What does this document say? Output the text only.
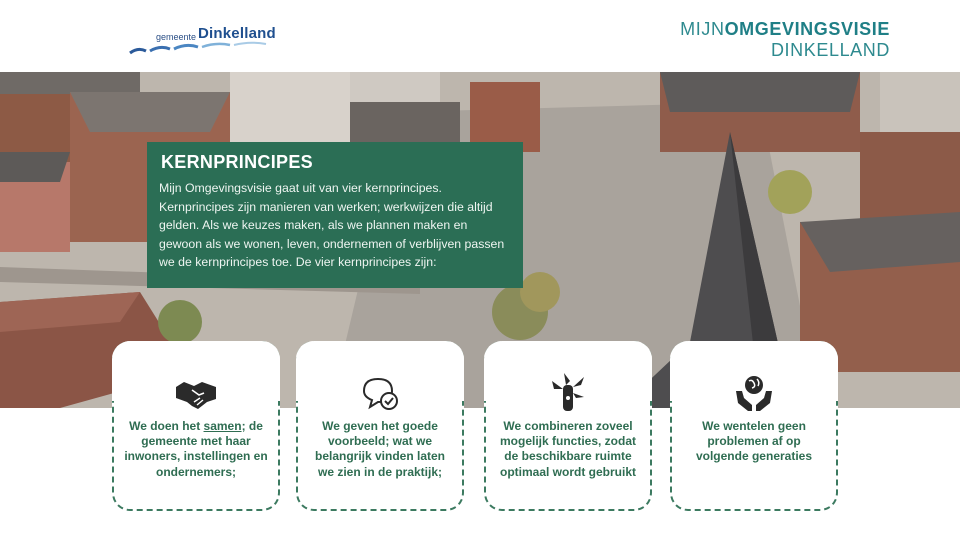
gemeente Dinkelland	MIJNOMGEVINGSVISIE
DINKELLAND
KERNPRINCIPES
Mijn Omgevingsvisie gaat uit van vier kernprincipes. Kernprincipes zijn manieren van werken; werkwijzen die altijd gelden. Als we keuzes maken, als we plannen maken en gewoon als we wonen, leven, ondernemen of verblijven passen we de kernprincipes toe. De vier kernprincipes zijn:
We doen het samen; de gemeente met haar inwoners, instellingen en ondernemers;
We geven het goede voorbeeld; wat we belangrijk vinden laten we zien in de praktijk;
We combineren zoveel mogelijk functies, zodat de beschikbare ruimte optimaal wordt gebruikt
We wentelen geen problemen af op volgende generaties
